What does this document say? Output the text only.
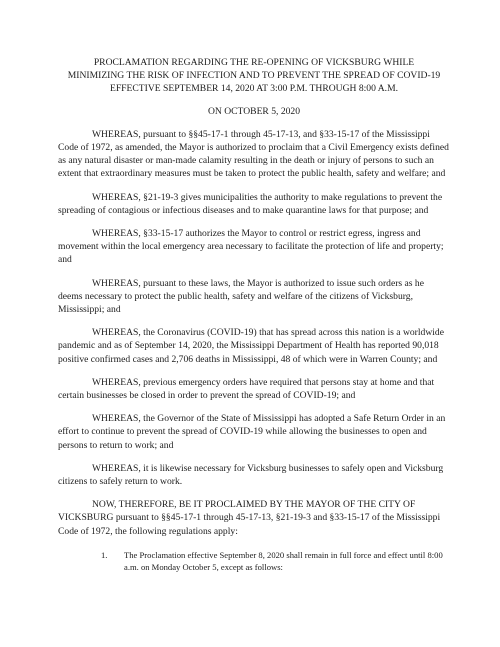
PROCLAMATION REGARDING THE RE-OPENING OF VICKSBURG WHILE
MINIMIZING THE RISK OF INFECTION AND TO PREVENT THE SPREAD OF COVID-19
EFFECTIVE SEPTEMBER 14, 2020 AT 3:00 P.M. THROUGH 8:00 A.M.
ON OCTOBER 5, 2020

WHEREAS, pursuant to §§45-17-1 through 45-17-13, and §33-15-17 of the Mississippi Code of 1972, as amended, the Mayor is authorized to proclaim that a Civil Emergency exists defined as any natural disaster or man-made calamity resulting in the death or injury of persons to such an extent that extraordinary measures must be taken to protect the public health, safety and welfare; and

WHEREAS, §21-19-3 gives municipalities the authority to make regulations to prevent the spreading of contagious or infectious diseases and to make quarantine laws for that purpose; and

WHEREAS, §33-15-17 authorizes the Mayor to control or restrict egress, ingress and movement within the local emergency area necessary to facilitate the protection of life and property; and

WHEREAS, pursuant to these laws, the Mayor is authorized to issue such orders as he deems necessary to protect the public health, safety and welfare of the citizens of Vicksburg, Mississippi; and

WHEREAS, the Coronavirus (COVID-19) that has spread across this nation is a worldwide pandemic and as of September 14, 2020, the Mississippi Department of Health has reported 90,018 positive confirmed cases and 2,706 deaths in Mississippi, 48 of which were in Warren County; and

WHEREAS, previous emergency orders have required that persons stay at home and that certain businesses be closed in order to prevent the spread of COVID-19; and

WHEREAS, the Governor of the State of Mississippi has adopted a Safe Return Order in an effort to continue to prevent the spread of COVID-19 while allowing the businesses to open and persons to return to work; and

WHEREAS, it is likewise necessary for Vicksburg businesses to safely open and Vicksburg citizens to safely return to work.

NOW, THEREFORE, BE IT PROCLAIMED BY THE MAYOR OF THE CITY OF VICKSBURG pursuant to §§45-17-1 through 45-17-13, §21-19-3 and §33-15-17 of the Mississippi Code of 1972, the following regulations apply:

1.	The Proclamation effective September 8, 2020 shall remain in full force and effect until 8:00 a.m. on Monday October 5, except as follows:
